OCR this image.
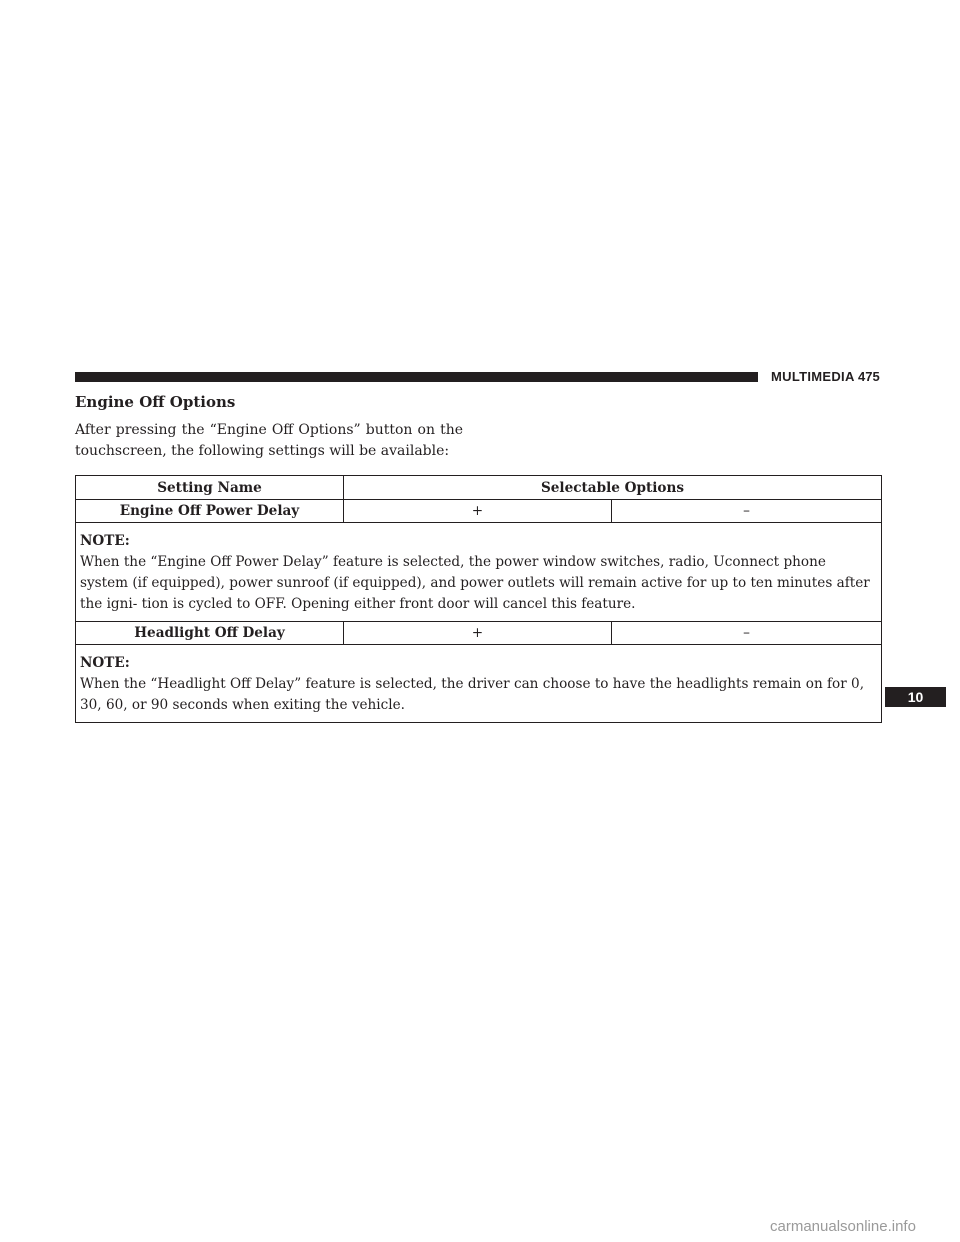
MULTIMEDIA 475
Engine Off Options
After pressing the “Engine Off Options” button on the touchscreen, the following settings will be available:
Setting Name	Selectable Options	
Engine Off Power Delay	+	–

NOTE:
When the “Engine Off Power Delay” feature is selected, the power window switches, radio, Uconnect phone system (if equipped), power sunroof (if equipped), and power outlets will remain active for up to ten minutes after the igni- tion is cycled to OFF. Opening either front door will cancel this feature.		
Headlight Off Delay	+	–

NOTE:
When the “Headlight Off Delay” feature is selected, the driver can choose to have the headlights remain on for 0, 30, 60, or 90 seconds when exiting the vehicle.			10
carmanualsonline.info
